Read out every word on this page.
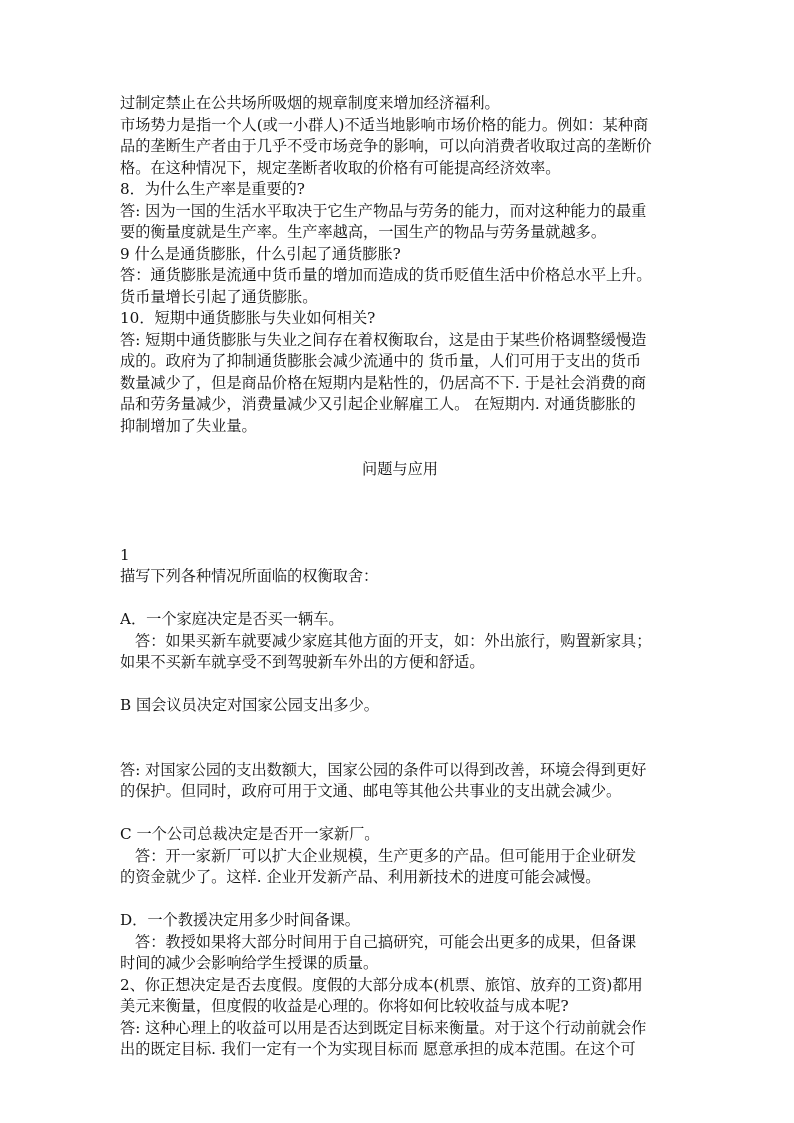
过制定禁止在公共场所吸烟的规章制度来增加经济福利。
市场势力是指一个人(或一小群人)不适当地影响市场价格的能力。例如：某种商
品的垄断生产者由于几乎不受市场竞争的影响，可以向消费者收取过高的垄断价
格。在这种情况下，规定垄断者收取的价格有可能提高经济效率。
8．为什么生产率是重要的?
答: 因为一国的生活水平取决于它生产物品与劳务的能力，而对这种能力的最重
要的衡量度就是生产率。生产率越高，一国生产的物品与劳务量就越多。
9 什么是通货膨胀，什么引起了通货膨胀?
答：通货膨胀是流通中货币量的增加而造成的货币贬值生活中价格总水平上升。
货币量增长引起了通货膨胀。
10．短期中通货膨胀与失业如何相关?
答: 短期中通货膨胀与失业之间存在着权衡取台，这是由于某些价格调整缓慢造
成的。政府为了抑制通货膨胀会减少流通中的 货币量，人们可用于支出的货币
数量减少了，但是商品价格在短期内是粘性的，仍居高不下. 于是社会消费的商
品和劳务量减少，消费量减少又引起企业解雇工人。 在短期内. 对通货膨胀的
抑制增加了失业量。
问题与应用
1
描写下列各种情况所面临的权衡取舍：
A．一个家庭决定是否买一辆车。
答：如果买新车就要减少家庭其他方面的开支，如：外出旅行，购置新家具；
如果不买新车就享受不到驾驶新车外出的方便和舒适。
B 国会议员决定对国家公园支出多少。
答: 对国家公园的支出数额大，国家公园的条件可以得到改善，环境会得到更好
的保护。但同时，政府可用于文通、邮电等其他公共事业的支出就会减少。
C 一个公司总裁决定是否开一家新厂。
答：开一家新厂可以扩大企业规模，生产更多的产品。但可能用于企业研发
的资金就少了。这样. 企业开发新产品、利用新技术的进度可能会减慢。
D．一个教援决定用多少时间备课。
答：教授如果将大部分时间用于自己搞研究，可能会出更多的成果，但备课
时间的减少会影响给学生授课的质量。
2、你正想决定是否去度假。度假的大部分成本(机票、旅馆、放弃的工资)都用
美元来衡量，但度假的收益是心理的。你将如何比较收益与成本呢?
答: 这种心理上的收益可以用是否达到既定目标来衡量。对于这个行动前就会作
出的既定目标. 我们一定有一个为实现目标而 愿意承担的成本范围。在这个可
